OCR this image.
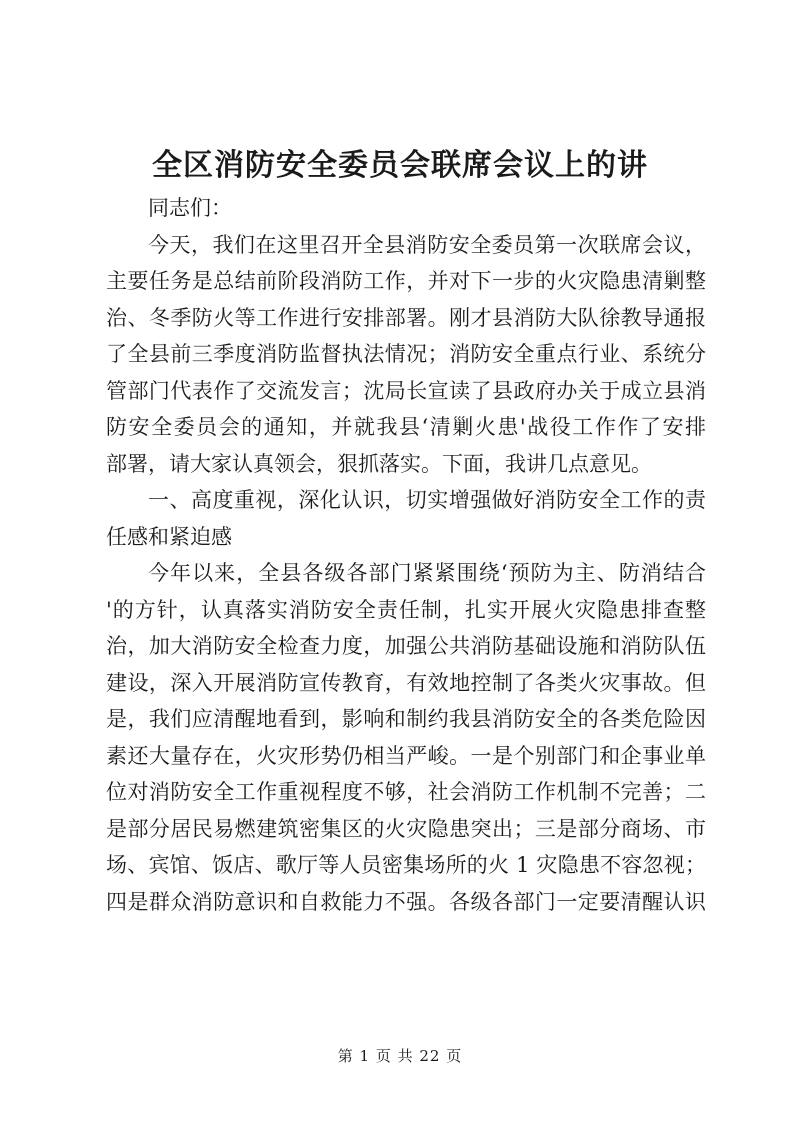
全区消防安全委员会联席会议上的讲
同志们：
今天，我们在这里召开全县消防安全委员第一次联席会议，
主要任务是总结前阶段消防工作，并对下一步的火灾隐患清剿整
治、冬季防火等工作进行安排部署。刚才县消防大队徐教导通报
了全县前三季度消防监督执法情况；消防安全重点行业、系统分
管部门代表作了交流发言；沈局长宣读了县政府办关于成立县消
防安全委员会的通知，并就我县‘清剿火患'战役工作作了安排
部署，请大家认真领会，狠抓落实。下面，我讲几点意见。
一、高度重视，深化认识，切实增强做好消防安全工作的责
任感和紧迫感
今年以来，全县各级各部门紧紧围绕‘预防为主、防消结合
'的方针，认真落实消防安全责任制，扎实开展火灾隐患排查整
治，加大消防安全检查力度，加强公共消防基础设施和消防队伍
建设，深入开展消防宣传教育，有效地控制了各类火灾事故。但
是，我们应清醒地看到，影响和制约我县消防安全的各类危险因
素还大量存在，火灾形势仍相当严峻。一是个别部门和企事业单
位对消防安全工作重视程度不够，社会消防工作机制不完善；二
是部分居民易燃建筑密集区的火灾隐患突出；三是部分商场、市
场、宾馆、饭店、歌厅等人员密集场所的火 1 灾隐患不容忽视；
四是群众消防意识和自救能力不强。各级各部门一定要清醒认识
第 1 页 共 22 页
